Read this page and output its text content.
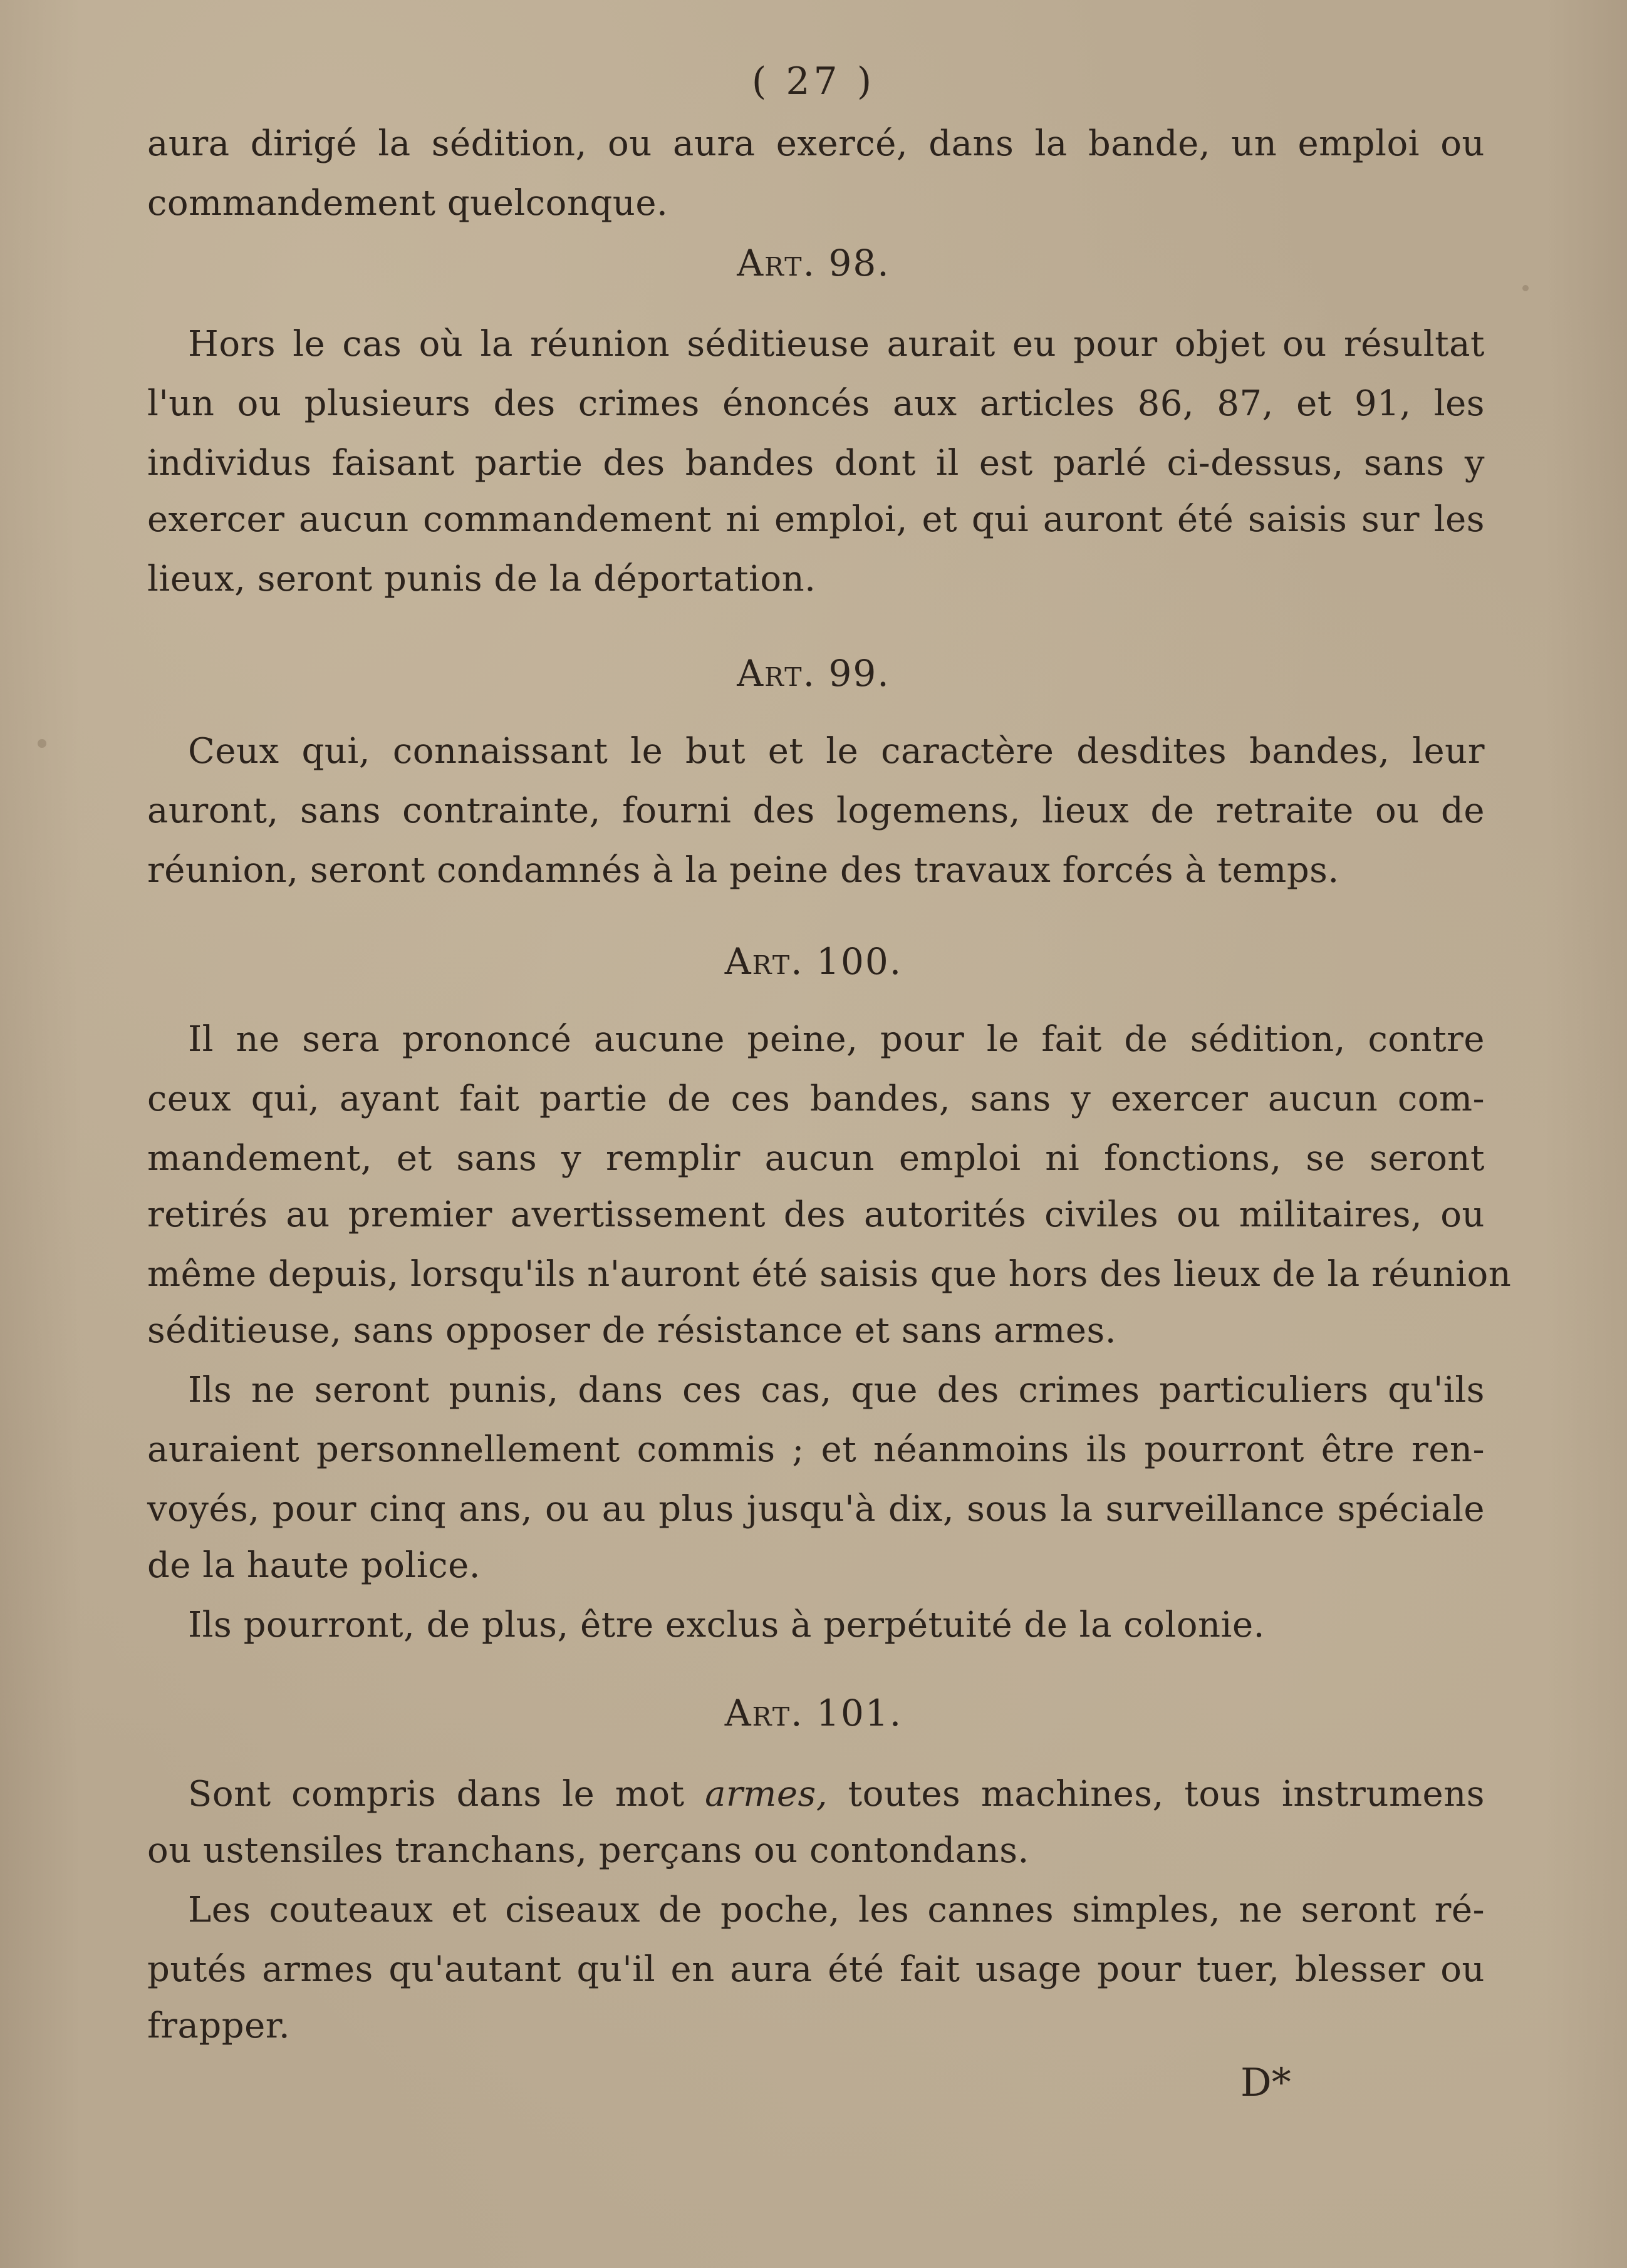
( 27 )
aura dirigé la sédition, ou aura exercé, dans la bande, un emploi ou
commandement quelconque.
Art. 98.
Hors le cas où la réunion séditieuse aurait eu pour objet ou résultat
l'un ou plusieurs des crimes énoncés aux articles 86, 87, et 91, les
individus faisant partie des bandes dont il est parlé ci-dessus, sans y
exercer aucun commandement ni emploi, et qui auront été saisis sur les
lieux, seront punis de la déportation.
Art. 99.
Ceux qui, connaissant le but et le caractère desdites bandes, leur
auront, sans contrainte, fourni des logemens, lieux de retraite ou de
réunion, seront condamnés à la peine des travaux forcés à temps.
Art. 100.
Il ne sera prononcé aucune peine, pour le fait de sédition, contre
ceux qui, ayant fait partie de ces bandes, sans y exercer aucun com-
mandement, et sans y remplir aucun emploi ni fonctions, se seront
retirés au premier avertissement des autorités civiles ou militaires, ou
même depuis, lorsqu'ils n'auront été saisis que hors des lieux de la réunion
séditieuse, sans opposer de résistance et sans armes.
Ils ne seront punis, dans ces cas, que des crimes particuliers qu'ils
auraient personnellement commis ; et néanmoins ils pourront être ren-
voyés, pour cinq ans, ou au plus jusqu'à dix, sous la surveillance spéciale
de la haute police.
Ils pourront, de plus, être exclus à perpétuité de la colonie.
Art. 101.
Sont compris dans le mot armes, toutes machines, tous instrumens
ou ustensiles tranchans, perçans ou contondans.
Les couteaux et ciseaux de poche, les cannes simples, ne seront ré-
putés armes qu'autant qu'il en aura été fait usage pour tuer, blesser ou
frapper.
D*
